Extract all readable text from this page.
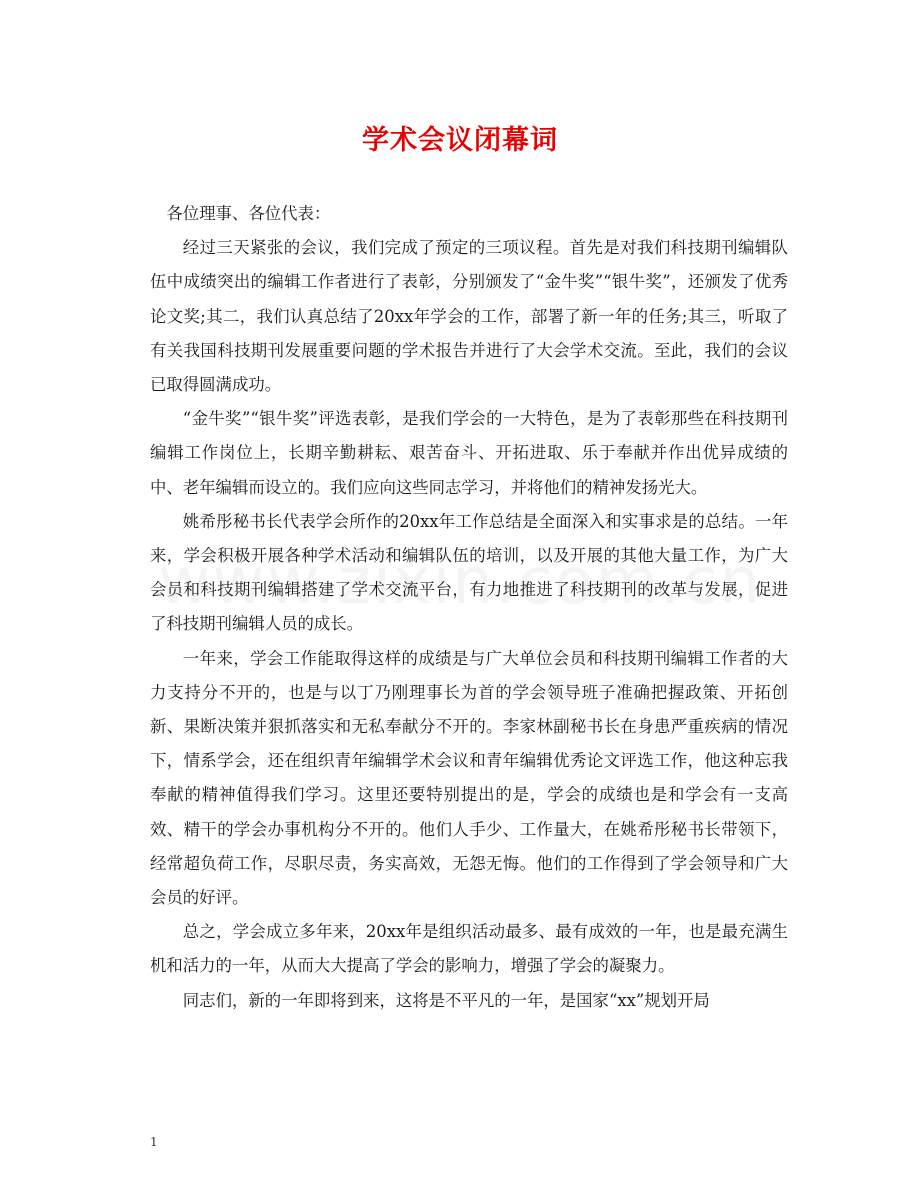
学术会议闭幕词

各位理事、各位代表：

经过三天紧张的会议，我们完成了预定的三项议程。首先是对我们科技期刊编辑队伍中成绩突出的编辑工作者进行了表彰，分别颁发了“金牛奖”“银牛奖”，还颁发了优秀论文奖;其二，我们认真总结了20xx年学会的工作，部署了新一年的任务;其三，听取了有关我国科技期刊发展重要问题的学术报告并进行了大会学术交流。至此，我们的会议已取得圆满成功。

“金牛奖”“银牛奖”评选表彰，是我们学会的一大特色，是为了表彰那些在科技期刊编辑工作岗位上，长期辛勤耕耘、艰苦奋斗、开拓进取、乐于奉献并作出优异成绩的中、老年编辑而设立的。我们应向这些同志学习，并将他们的精神发扬光大。

姚希彤秘书长代表学会所作的20xx年工作总结是全面深入和实事求是的总结。一年来，学会积极开展各种学术活动和编辑队伍的培训，以及开展的其他大量工作，为广大会员和科技期刊编辑搭建了学术交流平台，有力地推进了科技期刊的改革与发展，促进了科技期刊编辑人员的成长。

一年来，学会工作能取得这样的成绩是与广大单位会员和科技期刊编辑工作者的大力支持分不开的，也是与以丁乃刚理事长为首的学会领导班子准确把握政策、开拓创新、果断决策并狠抓落实和无私奉献分不开的。李家林副秘书长在身患严重疾病的情况下，情系学会，还在组织青年编辑学术会议和青年编辑优秀论文评选工作，他这种忘我奉献的精神值得我们学习。这里还要特别提出的是，学会的成绩也是和学会有一支高效、精干的学会办事机构分不开的。他们人手少、工作量大，在姚希彤秘书长带领下，经常超负荷工作，尽职尽责，务实高效，无怨无悔。他们的工作得到了学会领导和广大会员的好评。

总之，学会成立多年来，20xx年是组织活动最多、最有成效的一年，也是最充满生机和活力的一年，从而大大提高了学会的影响力，增强了学会的凝聚力。

同志们，新的一年即将到来，这将是不平凡的一年，是国家“xx”规划开局

1
